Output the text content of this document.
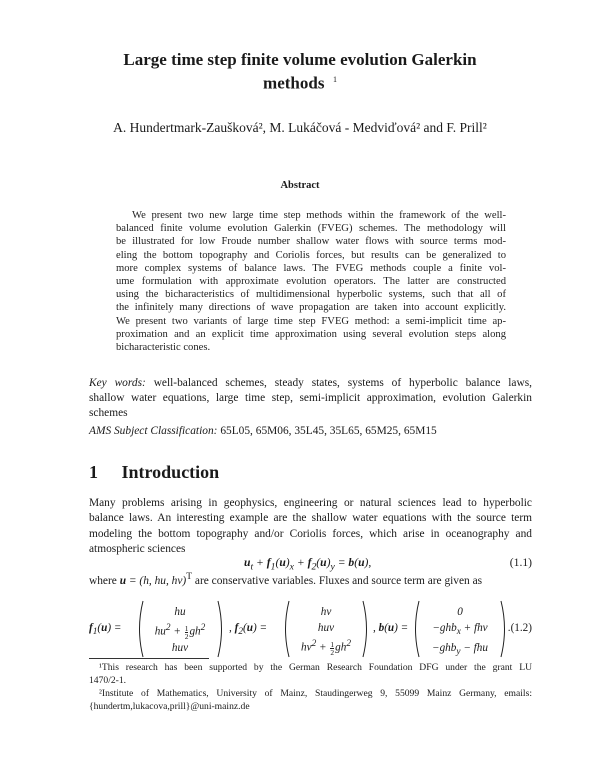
Large time step finite volume evolution Galerkin
methods $^1$
A. Hundertmark-Zaušková², M. Lukáčová - Medviďová² and F. Prill²
Abstract
We present two new large time step methods within the framework of the well-
balanced finite volume evolution Galerkin (FVEG) schemes. The methodology will
be illustrated for low Froude number shallow water flows with source terms mod-
eling the bottom topography and Coriolis forces, but results can be generalized to
more complex systems of balance laws. The FVEG methods couple a finite vol-
ume formulation with approximate evolution operators. The latter are constructed
using the bicharacteristics of multidimensional hyperbolic systems, such that all of
the infinitely many directions of wave propagation are taken into account explicitly.
We present two variants of large time step FVEG method: a semi-implicit time ap-
proximation and an explicit time approximation using several evolution steps along
bicharacteristic cones.
Key words: well-balanced schemes, steady states, systems of hyperbolic balance laws,
shallow water equations, large time step, semi-implicit approximation, evolution Galerkin
schemes
AMS Subject Classification: 65L05, 65M06, 35L45, 35L65, 65M25, 65M15
1 Introduction
Many problems arising in geophysics, engineering or natural sciences lead to hyperbolic
balance laws. An interesting example are the shallow water equations with the source term
modeling the bottom topography and/or Coriolis forces, which arise in oceanography and
atmospheric sciences
$u_t + f_1(u)_x + f_2(u)_y = b(u)$,	(1.1)
where u = (h, hu, hv)$^T$ are conservative variables. Fluxes and source term are given as
$f_1(u)$ =
hu
$hu^2 + \frac{1}{2} gh^2$
huv
, $f_2(u)$ =
hv
huv
$hv^2 + \frac{1}{2} gh^2$
, b(u) =
0
−ghb$_x$ + fhv
−ghb$_y$ − fhu
.(1.2)
¹This research has been supported by the German Research Foundation DFG under the grant LU
1470/2-1.
²Institute of Mathematics, University of Mainz, Staudingerweg 9, 55099 Mainz Germany, emails:
{hundertm,lukacova,prill}@uni-mainz.de
